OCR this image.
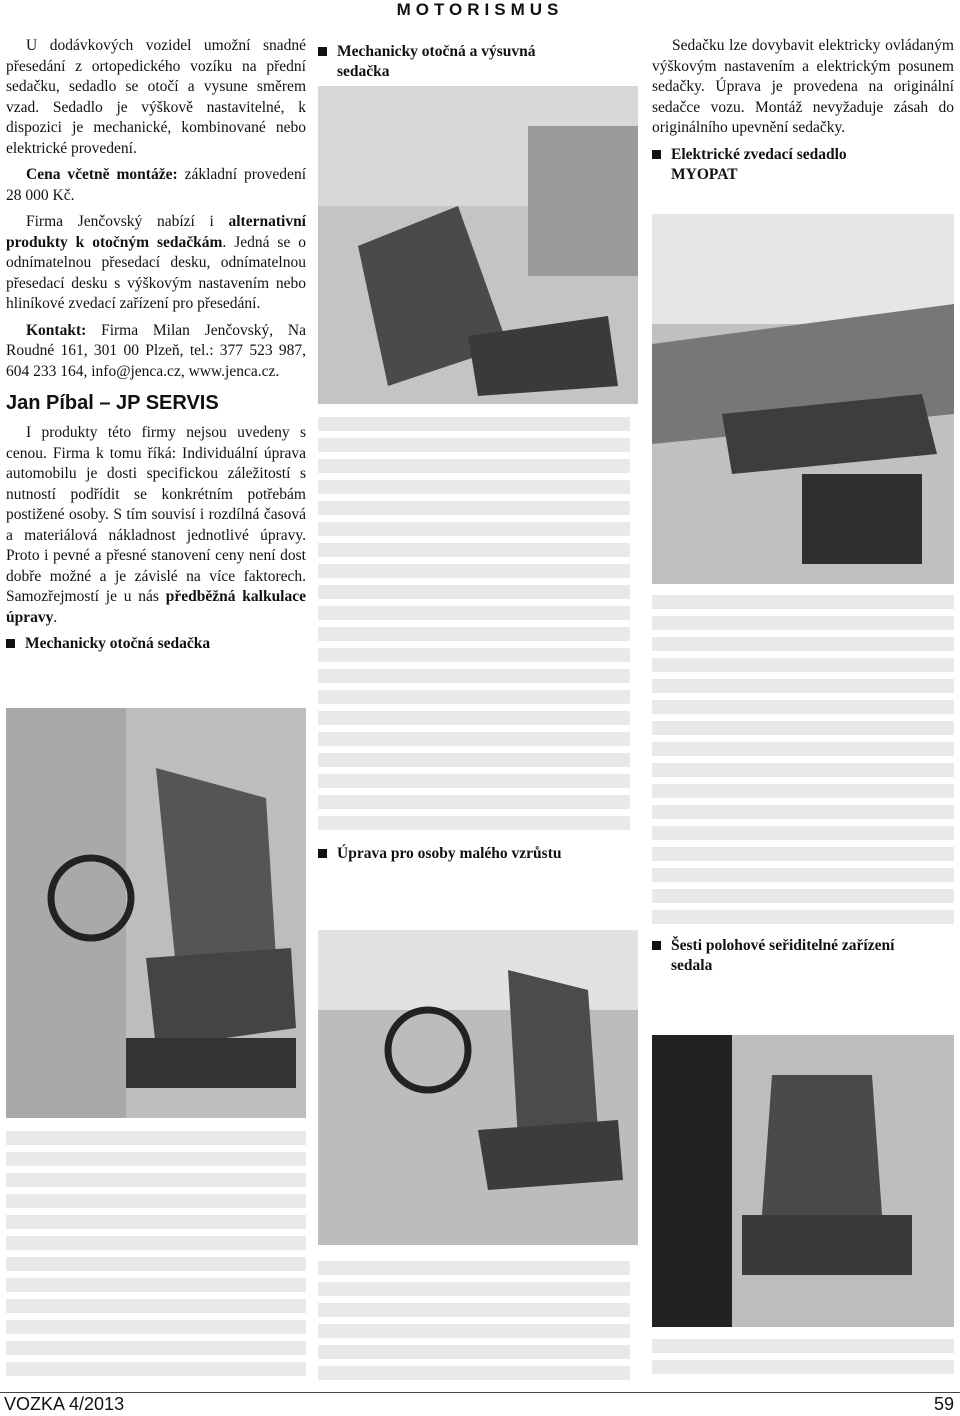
MOTORISMUS

U dodávkových vozidel umožní snadné přesedání z ortopedického vozíku na přední sedačku, sedadlo se otočí a vysune směrem vzad. Sedadlo je výškově nastavitelné, k dispozici je mechanické, kombinované nebo elektrické provedení.

Cena včetně montáže: základní provedení 28 000 Kč.

Firma Jenčovský nabízí i alternativní produkty k otočným sedačkám. Jedná se o odnímatelnou přesedací desku, odnímatelnou přesedací desku s výškovým nastavením nebo hliníkové zvedací zařízení pro přesedání.

Kontakt: Firma Milan Jenčovský, Na Roudné 161, 301 00 Plzeň, tel.: 377 523 987, 604 233 164, info@jenca.cz, www.jenca.cz.

Jan Píbal – JP SERVIS

I produkty této firmy nejsou uvedeny s cenou. Firma k tomu říká: Individuální úprava automobilu je dosti specifickou záležitostí s nutností podřídit se konkrétním potřebám postižené osoby. S tím souvisí i rozdílná časová a materiálová nákladnost jednotlivé úpravy. Proto i pevné a přesné stanovení ceny není dost dobře možné a je závislé na více faktorech. Samozřejmostí je u nás předběžná kalkulace úpravy.

Mechanicky otočná sedačka
Mechanicky otočná a výsuvná
sedačka
Úprava pro osoby malého vzrůstu

Sedačku lze dovybavit elektricky ovládaným výškovým nastavením a elektrickým posunem sedačky. Úprava je provedena na originální sedačce vozu. Montáž nevyžaduje zásah do originálního upevnění sedačky.

Elektrické zvedací sedadlo
MYOPAT
Šesti polohové seřiditelné zařízení
sedala
VOZKA 4/2013	59
